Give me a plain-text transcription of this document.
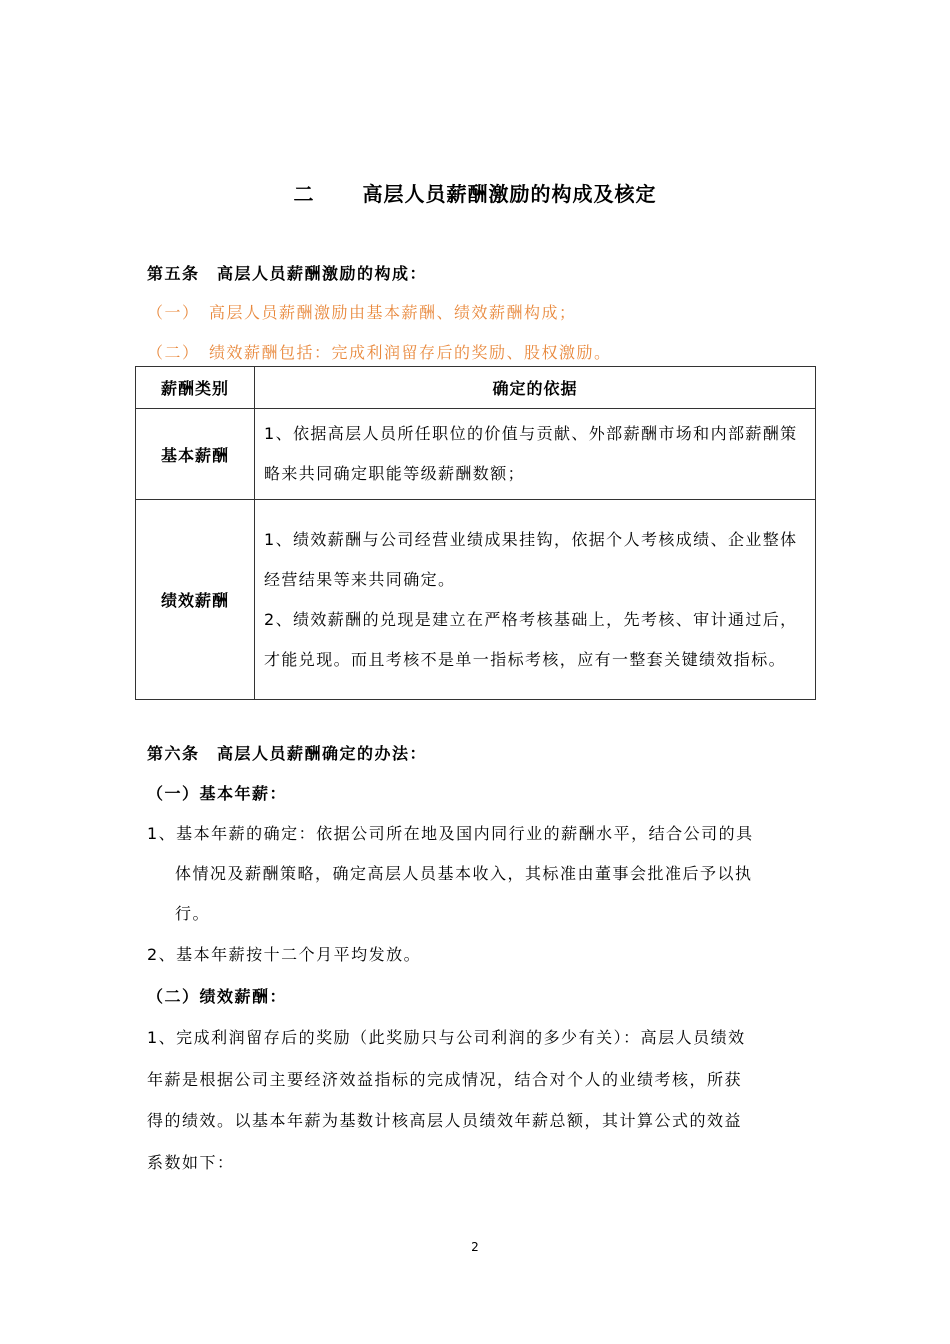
二 高层人员薪酬激励的构成及核定
第五条　高层人员薪酬激励的构成：
（一）　高层人员薪酬激励由基本薪酬、绩效薪酬构成；
（二）　绩效薪酬包括：完成利润留存后的奖励、股权激励。
薪酬类别	确定的依据
基本薪酬	1、依据高层人员所任职位的价值与贡献、外部薪酬市场和内部薪酬策略来共同确定职能等级薪酬数额；

绩效薪酬	1、绩效薪酬与公司经营业绩成果挂钩，依据个人考核成绩、企业整体经营结果等来共同确定。
2、绩效薪酬的兑现是建立在严格考核基础上，先考核、审计通过后，才能兑现。而且考核不是单一指标考核，应有一整套关键绩效指标。
第六条　高层人员薪酬确定的办法：
（一）基本年薪：
1、基本年薪的确定：依据公司所在地及国内同行业的薪酬水平，结合公司的具
体情况及薪酬策略，确定高层人员基本收入，其标准由董事会批准后予以执
行。
2、基本年薪按十二个月平均发放。
（二）绩效薪酬：
1、完成利润留存后的奖励（此奖励只与公司利润的多少有关）：高层人员绩效
年薪是根据公司主要经济效益指标的完成情况，结合对个人的业绩考核，所获
得的绩效。以基本年薪为基数计核高层人员绩效年薪总额，其计算公式的效益
系数如下：
2
